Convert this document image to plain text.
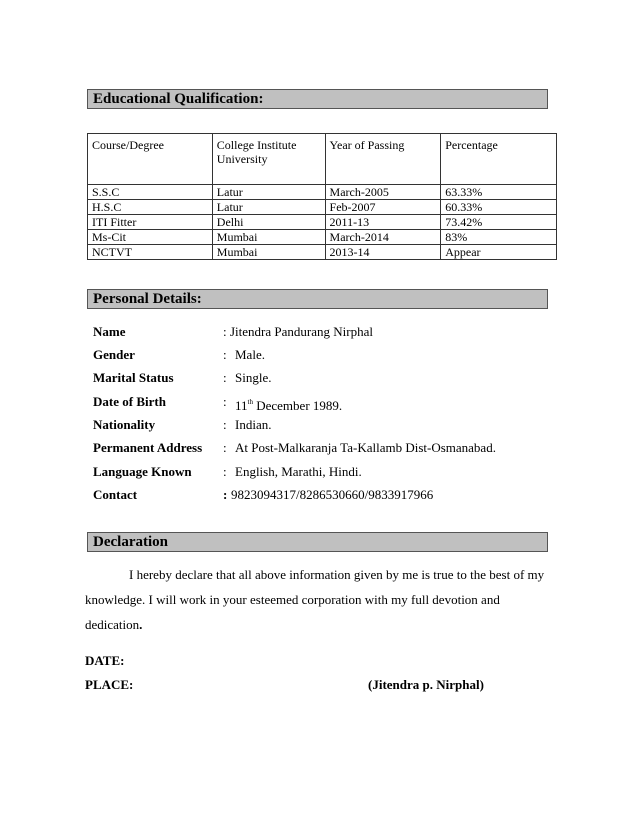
Educational Qualification:
Course/Degree	College Institute University	Year of Passing	Percentage
S.S.C	Latur	March-2005	63.33%
H.S.C	Latur	Feb-2007	60.33%
ITI Fitter	Delhi	2011-13	73.42%
Ms-Cit	Mumbai	March-2014	83%
NCTVT	Mumbai	2013-14	Appear
Personal Details:
Name	: Jitendra Pandurang Nirphal
Gender	: Male.
Marital Status	: Single.
Date of Birth	: 11th December 1989.
Nationality	: Indian.
Permanent Address : At Post-Malkaranja Ta-Kallamb Dist-Osmanabad.
Language Known : English, Marathi, Hindi.
Contact	: 9823094317/8286530660/9833917966
Declaration

I hereby declare that all above information given by me is true to the best of my knowledge. I will work in your esteemed corporation with my full devotion and dedication.

DATE:
PLACE:	(Jitendra p. Nirphal)
